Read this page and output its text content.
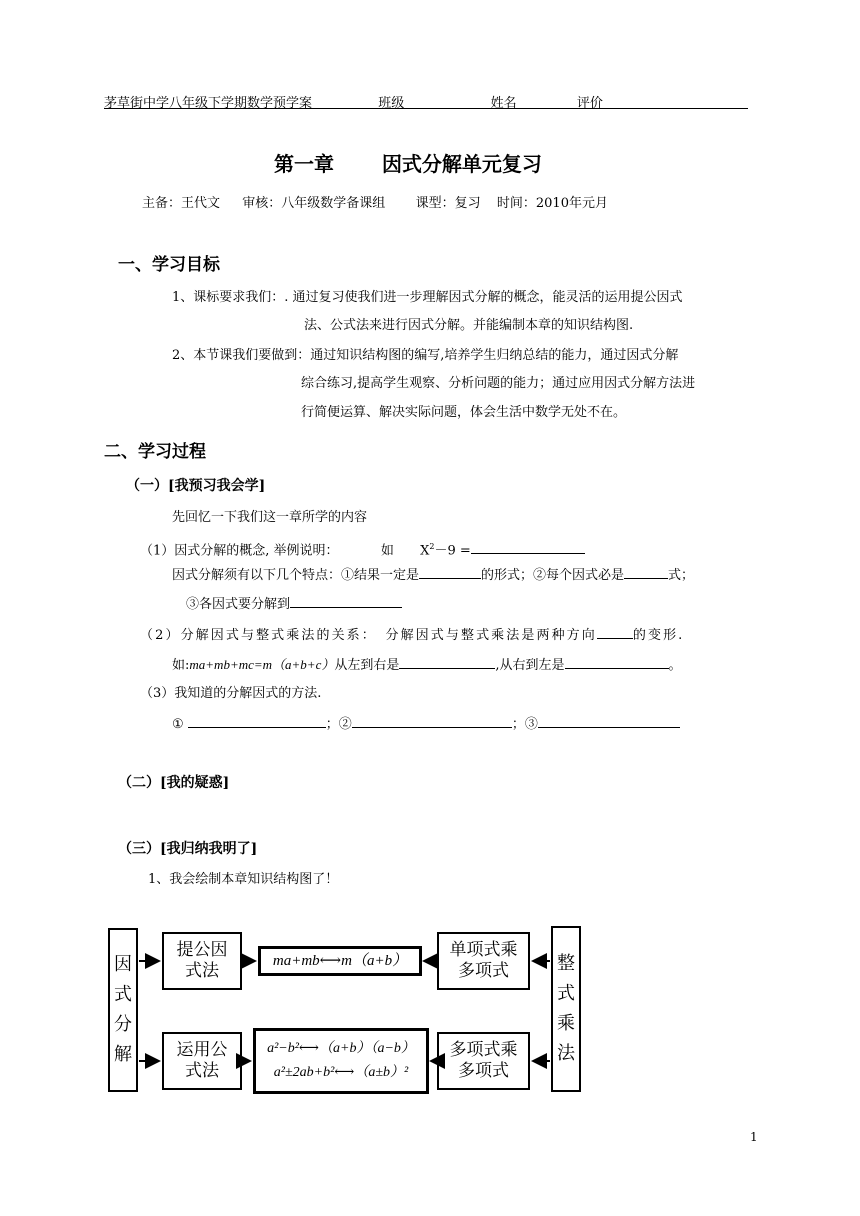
茅草街中学八年级下学期数学预学案	班级	姓名	评价
第一章 因式分解单元复习
主备：王代文 审核：八年级数学备课组 课型：复习 时间：2010年元月
一、学习目标
1、课标要求我们：. 通过复习使我们进一步理解因式分解的概念，能灵活的运用提公因式
法、公式法来进行因式分解。并能编制本章的知识结构图.
2、本节课我们要做到：通过知识结构图的编写,培养学生归纳总结的能力，通过因式分解
综合练习,提高学生观察、分析问题的能力；通过应用因式分解方法进
行简便运算、解决实际问题，体会生活中数学无处不在。
二、学习过程
（一）[我预习我会学]
先回忆一下我们这一章所学的内容
（1）因式分解的概念, 举例说明：	如 $X^2-9$ =
因式分解须有以下几个特点：①结果一定是	的形式；②每个因式必是	式；
③各因式要分解到
（2）分解因式与整式乘法的关系：　分解因式与整式乘法是两种方向	的变形.
如:ma+mb+mc=m（a+b+c）从左到右是	,从右到左是	。
（3）我知道的分解因式的方法.
①	；②	；③
（二）[我的疑惑]
（三）[我归纳我明了]
1、我会绘制本章知识结构图了！
因
式
分
解
整
式
乘
法
提公因
式法
ma+mb⟷m（a+b）
单项式乘
多项式
运用公
式法
a²−b²⟷（a+b）（a−b）
a²±2ab+b²⟷（a±b）²
多项式乘
多项式
1
